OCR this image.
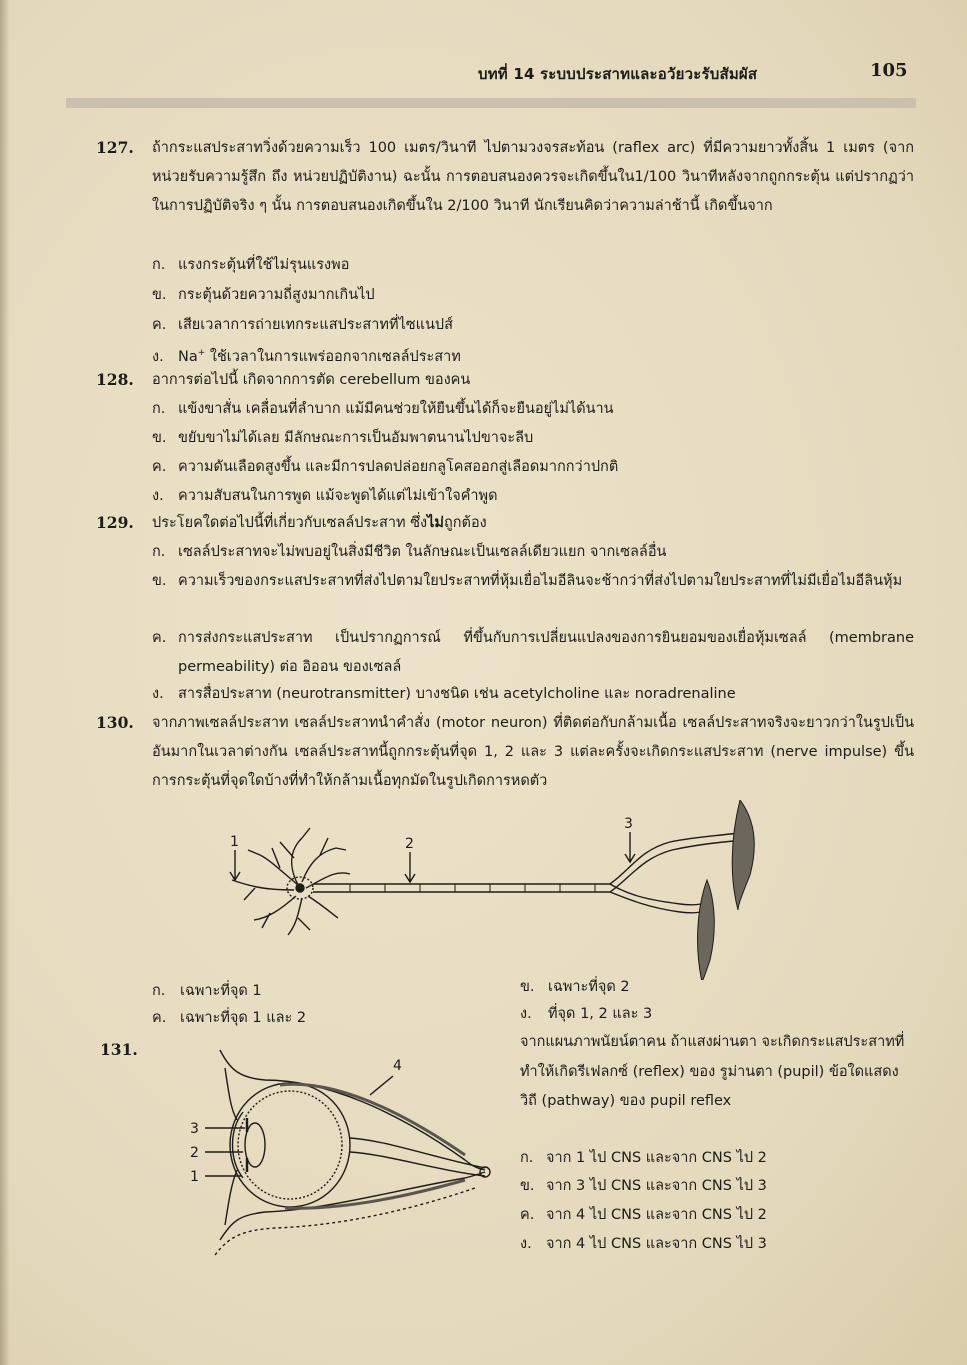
บทที่ 14 ระบบประสาทและอวัยวะรับสัมผัส	105
127. ถ้ากระแสประสาทวิ่งด้วยความเร็ว 100 เมตร/วินาที ไปตามวงจรสะท้อน (raflex arc) ที่มีความยาวทั้งสิ้น 1 เมตร (จากหน่วยรับความรู้สึก ถึง หน่วยปฏิบัติงาน) ฉะนั้น การตอบสนองควรจะเกิดขึ้นใน1/100 วินาทีหลังจากถูกกระตุ้น แต่ปรากฏว่าในการปฏิบัติจริง ๆ นั้น การตอบสนองเกิดขึ้นใน 2/100 วินาที นักเรียนคิดว่าความล่าช้านี้ เกิดขึ้นจาก
ก. แรงกระตุ้นที่ใช้ไม่รุนแรงพอ
ข. กระตุ้นด้วยความถี่สูงมากเกินไป
ค. เสียเวลาการถ่ายเทกระแสประสาทที่ไซแนปส์
ง. Na+ ใช้เวลาในการแพร่ออกจากเซลล์ประสาท
128. อาการต่อไปนี้ เกิดจากการตัด cerebellum ของคน
ก. แข้งขาสั่น เคลื่อนที่ลำบาก แม้มีคนช่วยให้ยืนขึ้นได้ก็จะยืนอยู่ไม่ได้นาน
ข. ขยับขาไม่ได้เลย มีลักษณะการเป็นอัมพาตนานไปขาจะลีบ
ค. ความดันเลือดสูงขึ้น และมีการปลดปล่อยกลูโคสออกสู่เลือดมากกว่าปกติ
ง. ความสับสนในการพูด แม้จะพูดได้แต่ไม่เข้าใจคำพูด
129. ประโยคใดต่อไปนี้ที่เกี่ยวกับเซลล์ประสาท ซึ่งไม่ถูกต้อง
ก. เซลล์ประสาทจะไม่พบอยู่ในสิ่งมีชีวิต ในลักษณะเป็นเซลล์เดียวแยก จากเซลล์อื่น
ข. ความเร็วของกระแสประสาทที่ส่งไปตามใยประสาทที่หุ้มเยื่อไมอีลินจะช้ากว่าที่ส่งไปตามใยประสาทที่ไม่มีเยื่อไมอีลินหุ้ม
ค. การส่งกระแสประสาท เป็นปรากฏการณ์ ที่ขึ้นกับการเปลี่ยนแปลงของการยินยอมของเยื่อหุ้มเซลล์ (membrane permeability) ต่อ อิออน ของเซลล์
ง. สารสื่อประสาท (neurotransmitter) บางชนิด เช่น acetylcholine และ noradrenaline
130. จากภาพเซลล์ประสาท เซลล์ประสาทนำคำสั่ง (motor neuron) ที่ติดต่อกับกล้ามเนื้อ เซลล์ประสาทจริงจะยาวกว่าในรูปเป็นอันมากในเวลาต่างกัน เซลล์ประสาทนี้ถูกกระตุ้นที่จุด 1, 2 และ 3 แต่ละครั้งจะเกิดกระแสประสาท (nerve impulse) ขึ้น การกระตุ้นที่จุดใดบ้างที่ทำให้กล้ามเนื้อทุกมัดในรูปเกิดการหดตัว
1	2
3
ก. เฉพาะที่จุด 1	ข. เฉพาะที่จุด 2
ค. เฉพาะที่จุด 1 และ 2	ง. ที่จุด 1, 2 และ 3
131.
3
2
1
4
จากแผนภาพนัยน์ตาคน ถ้าแสงผ่านตา จะเกิดกระแสประสาทที่ทำให้เกิดรีเฟลกซ์ (reflex) ของ รูม่านตา (pupil) ข้อใดแสดงวิถี (pathway) ของ pupil reflex
ก. จาก 1 ไป CNS และจาก CNS ไป 2
ข. จาก 3 ไป CNS และจาก CNS ไป 3
ค. จาก 4 ไป CNS และจาก CNS ไป 2
ง. จาก 4 ไป CNS และจาก CNS ไป 3
